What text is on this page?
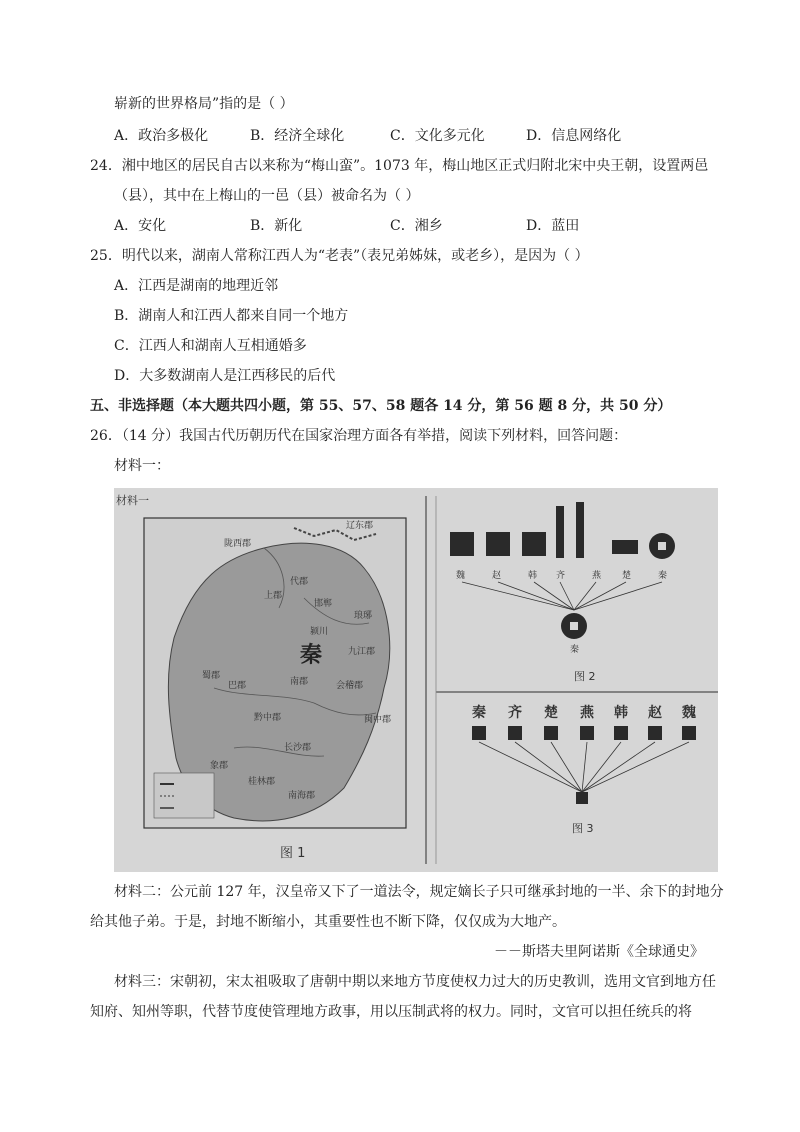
崭新的世界格局”指的是（ ）
A．政治多极化	B．经济全球化	C．文化多元化	D．信息网络化
24．湘中地区的居民自古以来称为“梅山蛮”。1073 年，梅山地区正式归附北宋中央王朝，设置两邑
（县），其中在上梅山的一邑（县）被命名为（ ）
A．安化	B．新化	C．湘乡	D．蓝田
25．明代以来，湖南人常称江西人为“老表”（表兄弟姊妹，或老乡），是因为（ ）
A．江西是湖南的地理近邻
B．湖南人和江西人都来自同一个地方
C．江西人和湖南人互相通婚多
D．大多数湖南人是江西移民的后代
五、非选择题（本大题共四小题，第 55、57、58 题各 14 分，第 56 题 8 分，共 50 分）
26．（14 分）我国古代历朝历代在国家治理方面各有举措，阅读下列材料，回答问题：
材料一：
材料一
秦
陇西郡
辽东郡
代郡
邯郸
巴郡
蜀郡
南郡	会稽郡
黔中郡
长沙郡
南海郡
琅琊
颍川
九江郡
闽中郡
象郡
桂林郡
上郡
图 1
魏	赵	韩 齐	燕 楚	秦
秦
图 2
秦 齐 楚 燕 韩 赵 魏
图 3
材料二：公元前 127 年，汉皇帝又下了一道法令，规定嫡长子只可继承封地的一半、余下的封地分
给其他子弟。于是，封地不断缩小，其重要性也不断下降，仅仅成为大地产。
－－斯塔夫里阿诺斯《全球通史》
材料三：宋朝初，宋太祖吸取了唐朝中期以来地方节度使权力过大的历史教训，选用文官到地方任
知府、知州等职，代替节度使管理地方政事，用以压制武将的权力。同时，文官可以担任统兵的将
